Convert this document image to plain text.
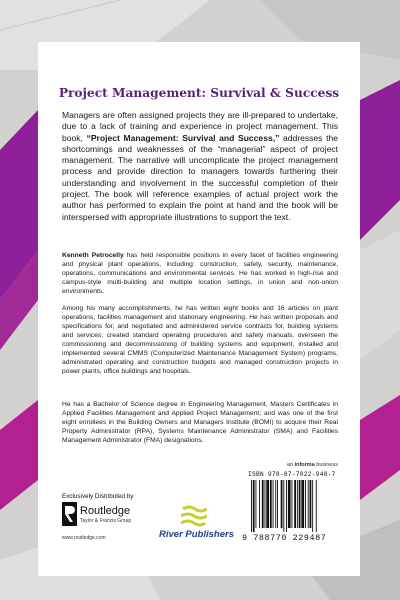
Project Management: Survival & Success
Managers are often assigned projects they are ill-prepared to undertake, due to a lack of training and experience in project management. This book, “Project Management: Survival and Success,” addresses the shortcomings and weaknesses of the “managerial” aspect of project management. The narrative will uncomplicate the project management process and provide direction to managers towards furthering their understanding and involvement in the successful completion of their project. The book will reference examples of actual project work the author has performed to explain the point at hand and the book will be interspersed with appropriate illustrations to support the text.
Kenneth Petrocelly has held responsible positions in every facet of facilities engineering and physical plant operations, including: construction, safety, security, maintenance, operations, communications and environmental services. He has worked in high-rise and campus-style multi-building and multiple location settings, in union and non-union environments.
Among his many accomplishments, he has written eight books and 16 articles on plant operations, facilities management and stationary engineering. He has written proposals and specifications for, and negotiated and administered service contracts for, building systems and services; created standard operating procedures and safety manuals, overseen the commissioning and decommissioning of building systems and equipment, installed and implemented several CMMS (Computerized Maintenance Management System) programs, administrated operating and construction budgets and managed construction projects in power plants, office buildings and hospitals.
He has a Bachelor of Science degree in Engineering Management, Masters Certificates in Applied Facilities Management and Applied Project Management; and was one of the first eight enrollees in the Building Owners and Managers Institute (BOMI) to acquire their Real Property Administrator (RPA), Systems Maintenance Administrator (SMA) and Facilities Management Administrator (FMA) designations.
an informa business
ISBN 978-87-7022-948-7
9 788770 229487
Exclusively Distributed by
Routledge
Taylor & Francis Group
www.routledge.com	River Publishers
